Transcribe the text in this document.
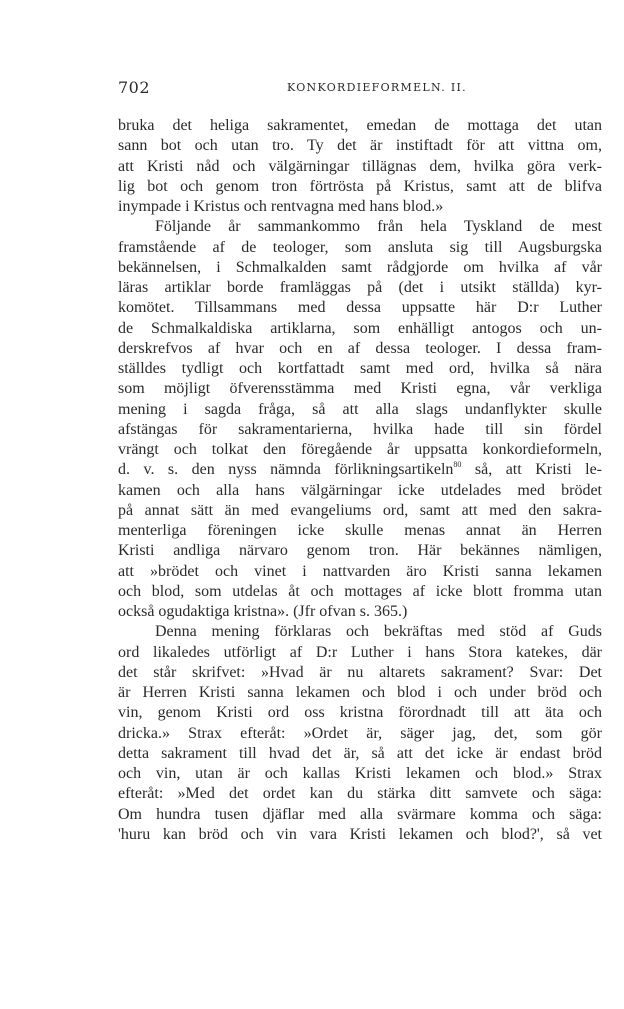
702	KONKORDIEFORMELN. II.
bruka det heliga sakramentet, emedan de mottaga det utan
sann bot och utan tro. Ty det är instiftadt för att vittna om,
att Kristi nåd och välgärningar tillägnas dem, hvilka göra verk-
lig bot och genom tron förtrösta på Kristus, samt att de blifva
inympade i Kristus och rentvagna med hans blod.»
Följande år sammankommo från hela Tyskland de mest
framstående af de teologer, som anslutа sig till Augsburgska
bekännelsen, i Schmalkalden samt rådgjorde om hvilka af vår
läras artiklar borde framläggas på (det i utsikt ställda) kyr-
komötet. Tillsammans med dessa uppsatte här D:r Luther
de Schmalkaldiska artiklarna, som enhälligt antogos och un-
derskrefvos af hvar och en af dessa teologer. I dessa fram-
ställdes tydligt och kortfattadt samt med ord, hvilka så nära
som möjligt öfverensstämma med Kristi egna, vår verkliga
mening i sagda fråga, så att alla slags undanflykter skulle
afstängas för sakramentarierna, hvilka hade till sin fördel
vrängt och tolkat den föregående år uppsatta konkordieformeln,
d. v. s. den nyss nämnda förlikningsartikeln$^{80}$ så, att Kristi le-
kamen och alla hans välgärningar icke utdelades med brödet
på annat sätt än med evangeliums ord, samt att med den sakra-
menterliga föreningen icke skulle menas annat än Herren
Kristi andliga närvaro genom tron. Här bekännes nämligen,
att »brödet och vinet i nattvarden äro Kristi sanna lekamen
och blod, som utdelas åt och mottages af icke blott fromma utan
också ogudaktiga kristna». (Jfr ofvan s. 365.)
Denna mening förklaras och bekräftas med stöd af Guds
ord likaledes utförligt af D:r Luther i hans Stora katekes, där
det står skrifvet: »Hvad är nu altarets sakrament? Svar: Det
är Herren Kristi sanna lekamen och blod i och under bröd och
vin, genom Kristi ord oss kristna förordnadt till att äta och
dricka.» Strax efteråt: »Ordet är, säger jag, det, som gör
detta sakrament till hvad det är, så att det icke är endast bröd
och vin, utan är och kallas Kristi lekamen och blod.» Strax
efteråt: »Med det ordet kan du stärka ditt samvete och säga:
Om hundra tusen djäflar med alla svärmare komma och säga:
'huru kan bröd och vin vara Kristi lekamen och blod?', så vet
